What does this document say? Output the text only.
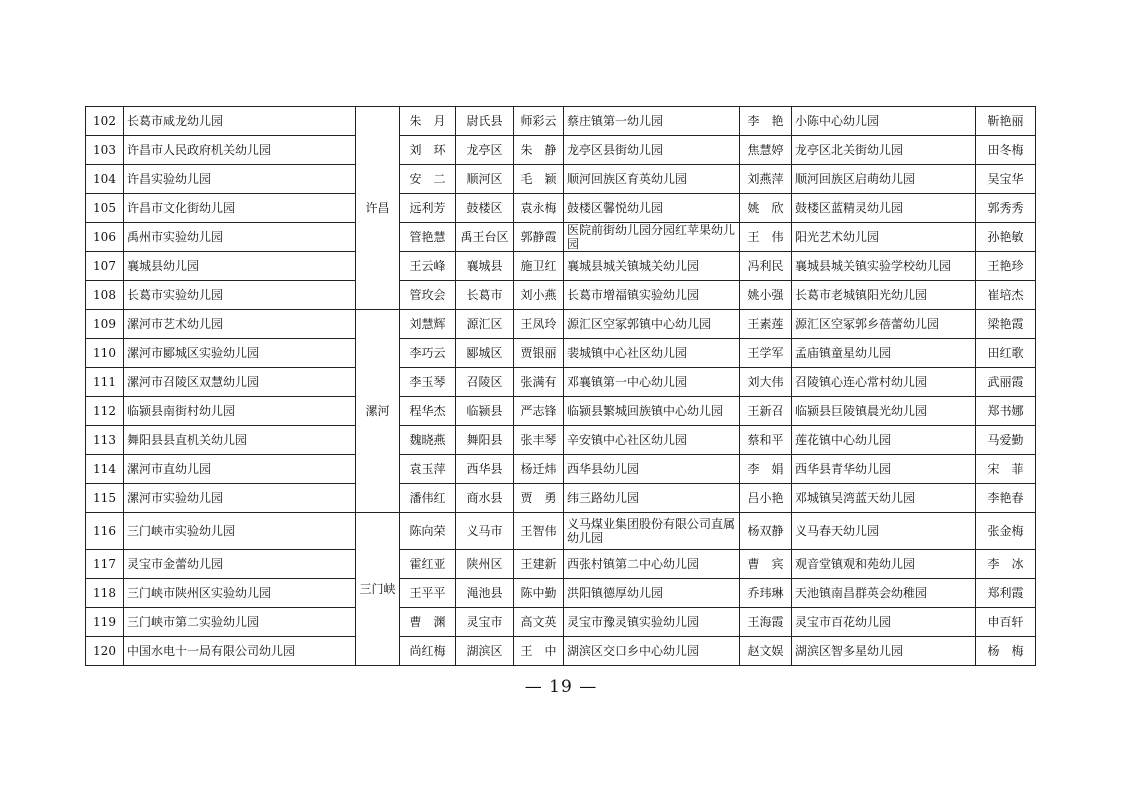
102	长葛市咸龙幼儿园	许昌	朱　月	尉氏县	师彩云	蔡庄镇第一幼儿园	李　艳	小陈中心幼儿园	靳艳丽
103	许昌市人民政府机关幼儿园		刘　环	龙亭区	朱　静	龙亭区县街幼儿园	焦慧婷	龙亭区北关街幼儿园	田冬梅
104	许昌实验幼儿园		安　二	顺河区	毛　颖	顺河回族区育英幼儿园	刘燕萍	顺河回族区启萌幼儿园	吴宝华
105	许昌市文化街幼儿园		远利芳	鼓楼区	袁永梅	鼓楼区馨悦幼儿园	姚　欣	鼓楼区蓝精灵幼儿园	郭秀秀
106	禹州市实验幼儿园		管艳慧	禹王台区	郭静霞	医院前街幼儿园分园红苹果幼儿园	王　伟	阳光艺术幼儿园	孙艳敏
107	襄城县幼儿园		王云峰	襄城县	施卫红	襄城县城关镇城关幼儿园	冯利民	襄城县城关镇实验学校幼儿园	王艳珍
108	长葛市实验幼儿园		管玫会	长葛市	刘小燕	长葛市增福镇实验幼儿园	姚小强	长葛市老城镇阳光幼儿园	崔培杰
109	漯河市艺术幼儿园	漯河	刘慧辉	源汇区	王凤玲	源汇区空冢郭镇中心幼儿园	王素莲	源汇区空冢郭乡蓓蕾幼儿园	梁艳霞
110	漯河市郾城区实验幼儿园		李巧云	郾城区	贾银丽	裴城镇中心社区幼儿园	王学军	孟庙镇童星幼儿园	田红歌
111	漯河市召陵区双慧幼儿园		李玉琴	召陵区	张满有	邓襄镇第一中心幼儿园	刘大伟	召陵镇心连心常村幼儿园	武丽霞
112	临颍县南街村幼儿园		程华杰	临颍县	严志锋	临颍县繁城回族镇中心幼儿园	王新召	临颍县巨陵镇晨光幼儿园	郑书娜
113	舞阳县县直机关幼儿园		魏晓燕	舞阳县	张丰琴	辛安镇中心社区幼儿园	蔡和平	莲花镇中心幼儿园	马爱勤
114	漯河市直幼儿园		袁玉萍	西华县	杨迁炜	西华县幼儿园	李　娟	西华县青华幼儿园	宋　菲
115	漯河市实验幼儿园		潘伟红	商水县	贾　勇	纬三路幼儿园	吕小艳	邓城镇吴湾蓝天幼儿园	李艳春
116	三门峡市实验幼儿园	三门峡	陈向荣	义马市	王智伟	义马煤业集团股份有限公司直属幼儿园	杨双静	义马春天幼儿园	张金梅
117	灵宝市金蕾幼儿园		霍红亚	陕州区	王建新	西张村镇第二中心幼儿园	曹　宾	观音堂镇观和苑幼儿园	李　冰
118	三门峡市陕州区实验幼儿园		王平平	渑池县	陈中勤	洪阳镇德厚幼儿园	乔玮琳	天池镇南昌群英会幼稚园	郑利霞
119	三门峡市第二实验幼儿园		曹　渊	灵宝市	高文英	灵宝市豫灵镇实验幼儿园	王海霞	灵宝市百花幼儿园	申百轩
120	中国水电十一局有限公司幼儿园		尚红梅	湖滨区	王　中	湖滨区交口乡中心幼儿园	赵文娱	湖滨区智多星幼儿园	杨　梅
— 19 —
